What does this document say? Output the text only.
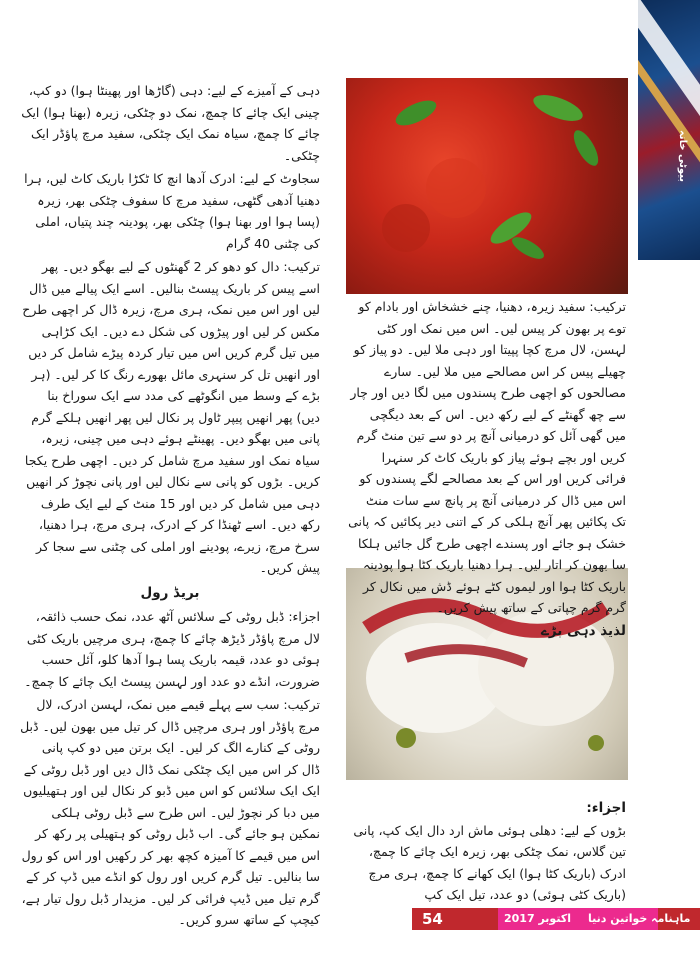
بیوٹی خانہ

دہی کے آمیزے کے لیے: دہی (گاڑھا اور پھینٹا ہوا) دو کپ، چینی ایک چائے کا چمچ، نمک دو چٹکی، زیرہ (بھنا ہوا) ایک چائے کا چمچ، سیاہ نمک ایک چٹکی، سفید مرچ پاؤڈر ایک چٹکی۔

سجاوٹ کے لیے: ادرک آدھا انچ کا ٹکڑا باریک کاٹ لیں، ہرا دھنیا آدھی گٹھی، سفید مرچ کا سفوف چٹکی بھر، زیرہ (پسا ہوا اور بھنا ہوا) چٹکی بھر، پودینہ چند پتیاں، املی کی چٹنی 40 گرام

ترکیب: دال کو دھو کر 2 گھنٹوں کے لیے بھگو دیں۔ پھر اسے پیس کر باریک پیسٹ بنالیں۔ اسے ایک پیالے میں ڈال لیں اور اس میں نمک، ہری مرچ، زیرہ ڈال کر اچھی طرح مکس کر لیں اور پیڑوں کی شکل دے دیں۔ ایک کڑاہی میں تیل گرم کریں اس میں تیار کردہ پیڑے شامل کر دیں اور انھیں تل کر سنہری مائل بھورے رنگ کا کر لیں۔ (ہر بڑے کے وسط میں انگوٹھے کی مدد سے ایک سوراخ بنا دیں) پھر انھیں پیپر ٹاول پر نکال لیں پھر انھیں ہلکے گرم پانی میں بھگو دیں۔ پھینٹے ہوئے دہی میں چینی، زیرہ، سیاہ نمک اور سفید مرچ شامل کر دیں۔ اچھی طرح یکجا کریں۔ بڑوں کو پانی سے نکال لیں اور پانی نچوڑ کر انھیں دہی میں شامل کر دیں اور 15 منٹ کے لیے ایک طرف رکھ دیں۔ اسے ٹھنڈا کر کے ادرک، ہری مرچ، ہرا دھنیا، سرخ مرچ، زیرے، پودینے اور املی کی چٹنی سے سجا کر پیش کریں۔

بریڈ رول

اجزاء: ڈبل روٹی کے سلائس آٹھ عدد، نمک حسب ذائقہ، لال مرچ پاؤڈر ڈیڑھ چائے کا چمچ، ہری مرچیں باریک کٹی ہوئی دو عدد، قیمہ باریک پسا ہوا آدھا کلو، آئل حسب ضرورت، انڈے دو عدد اور لہسن پیسٹ ایک چائے کا چمچ۔

ترکیب: سب سے پہلے قیمے میں نمک، لہسن ادرک، لال مرچ پاؤڈر اور ہری مرچیں ڈال کر تیل میں بھون لیں۔ ڈبل روٹی کے کنارے الگ کر لیں۔ ایک برتن میں دو کپ پانی ڈال کر اس میں ایک چٹکی نمک ڈال دیں اور ڈبل روٹی کے ایک ایک سلائس کو اس میں ڈبو کر نکال لیں اور ہتھیلیوں میں دبا کر نچوڑ لیں۔ اس طرح سے ڈبل روٹی ہلکی نمکین ہو جائے گی۔ اب ڈبل روٹی کو ہتھیلی پر رکھ کر اس میں قیمے کا آمیزہ کچھ بھر کر رکھیں اور اس کو رول سا بنالیں۔ تیل گرم کریں اور رول کو انڈے میں ڈپ کر کے گرم تیل میں ڈیپ فرائی کر لیں۔ مزیدار ڈبل رول تیار ہے، کیچپ کے ساتھ سرو کریں۔

ترکیب: سفید زیرہ، دھنیا، چنے خشخاش اور بادام کو توے پر بھون کر پیس لیں۔ اس میں نمک اور کٹی لہسن، لال مرچ کچا پپیتا اور دہی ملا لیں۔ دو پیاز کو چھیلے پیس کر اس مصالحے میں ملا لیں۔ سارے مصالحوں کو اچھی طرح پسندوں میں لگا دیں اور چار سے چھ گھنٹے کے لیے رکھ دیں۔ اس کے بعد دیگچی میں گھی آئل کو درمیانی آنچ پر دو سے تین منٹ گرم کریں اور بچے ہوئے پیاز کو باریک کاٹ کر سنہرا فرائی کریں اور اس کے بعد مصالحے لگے پسندوں کو اس میں ڈال کر درمیانی آنچ پر پانچ سے سات منٹ تک پکائیں پھر آنچ ہلکی کر کے اتنی دیر پکائیں کہ پانی خشک ہو جائے اور پسندے اچھی طرح گل جائیں ہلکا سا بھون کر اتار لیں۔ ہرا دھنیا باریک کٹا ہوا پودینہ باریک کٹا ہوا اور لیموں کٹے ہوئے ڈش میں نکال کر گرم گرم چپاتی کے ساتھ پیش کریں۔

لذیذ دہی بڑے
اجزاء:

بڑوں کے لیے: دھلی ہوئی ماش ارد دال ایک کپ، پانی تین گلاس، نمک چٹکی بھر، زیرہ ایک چائے کا چمچ، ادرک (باریک کٹا ہوا) ایک کھانے کا چمچ، ہری مرچ (باریک کٹی ہوئی) دو عدد، تیل ایک کپ

54	اکتوبر 2017 ماہنامہ خواتین دنیا
